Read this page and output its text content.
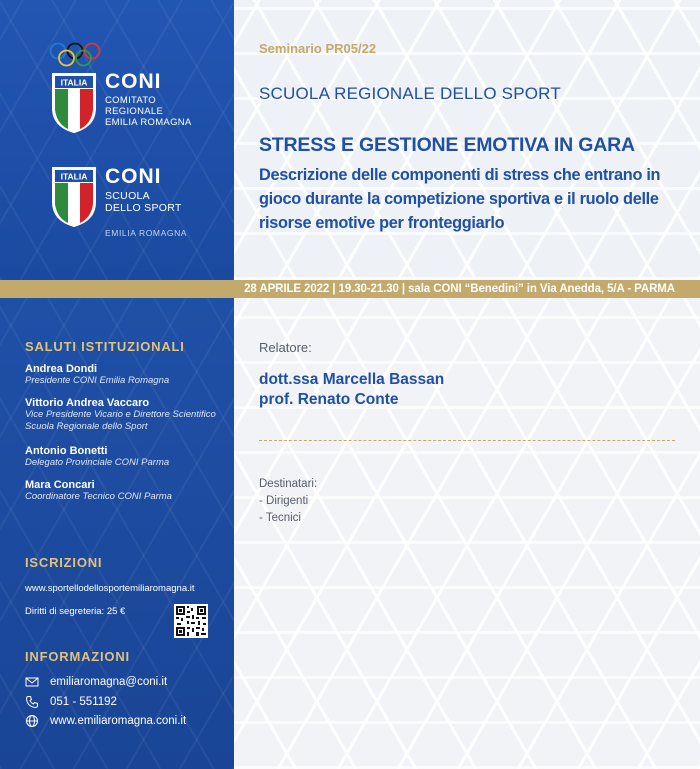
28 APRILE 2022 | 19.30-21.30 | sala CONI “Benedini” in Via Anedda, 5/A - PARMA
ITALIA CONI
COMITATO
REGIONALE
EMILIA ROMAGNA
ITALIA CONI
SCUOLA
DELLO SPORT
EMILIA ROMAGNA
Seminario PR05/22
SCUOLA REGIONALE DELLO SPORT
STRESS E GESTIONE EMOTIVA IN GARA
Descrizione delle componenti di stress che entrano in gioco durante la competizione sportiva e il ruolo delle risorse emotive per fronteggiarlo
SALUTI ISTITUZIONALI
Andrea Dondi
Presidente CONI Emilia Romagna
Vittorio Andrea Vaccaro
Vice Presidente Vicario e Direttore Scientifico Scuola Regionale dello Sport
Antonio Bonetti
Delegato Provinciale CONI Parma
Mara Concari
Coordinatore Tecnico CONI Parma
ISCRIZIONI
www.sportellodellosportemiliaromagna.it
Diritti di segreteria: 25 €
INFORMAZIONI
emiliaromagna@coni.it
051 - 551192
www.emiliaromagna.coni.it
Relatore:
dott.ssa Marcella Bassan
prof. Renato Conte
Destinatari:
- Dirigenti
- Tecnici
